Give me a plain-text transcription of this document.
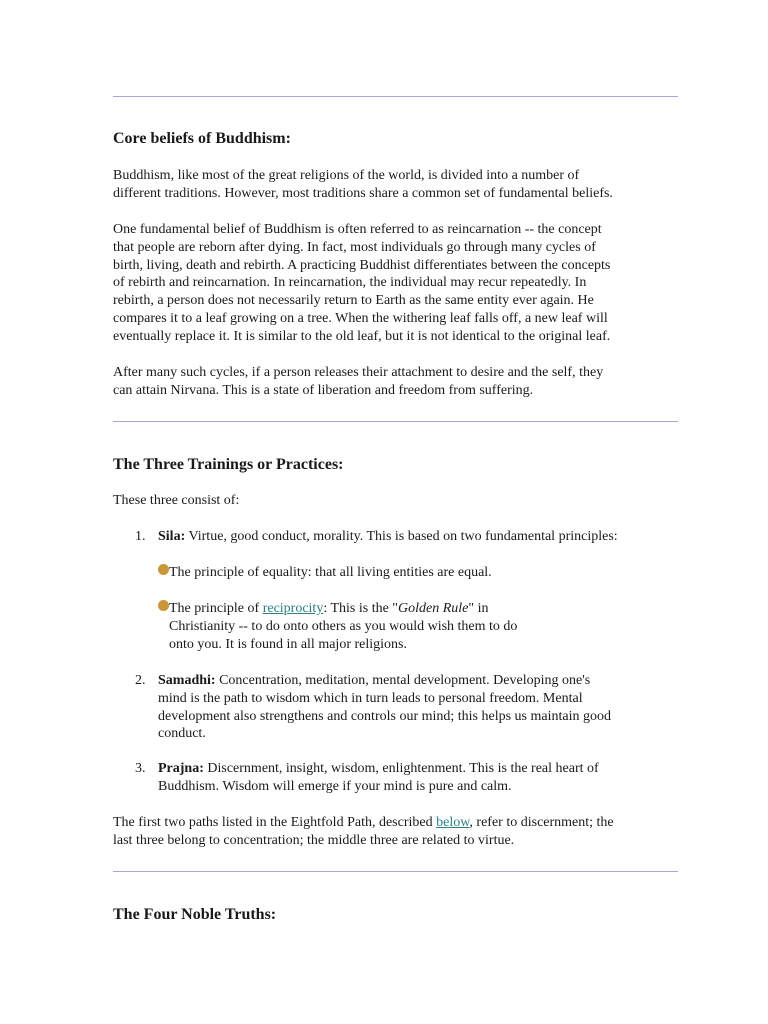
Core beliefs of Buddhism:
Buddhism, like most of the great religions of the world, is divided into a number of
different traditions. However, most traditions share a common set of fundamental beliefs.
One fundamental belief of Buddhism is often referred to as reincarnation -- the concept
that people are reborn after dying. In fact, most individuals go through many cycles of
birth, living, death and rebirth. A practicing Buddhist differentiates between the concepts
of rebirth and reincarnation. In reincarnation, the individual may recur repeatedly. In
rebirth, a person does not necessarily return to Earth as the same entity ever again. He
compares it to a leaf growing on a tree. When the withering leaf falls off, a new leaf will
eventually replace it. It is similar to the old leaf, but it is not identical to the original leaf.
After many such cycles, if a person releases their attachment to desire and the self, they
can attain Nirvana. This is a state of liberation and freedom from suffering.
The Three Trainings or Practices:
These three consist of:
1. Sila: Virtue, good conduct, morality. This is based on two fundamental principles:
The principle of equality: that all living entities are equal.
The principle of reciprocity: This is the "Golden Rule" in
Christianity -- to do onto others as you would wish them to do
onto you. It is found in all major religions.
2. Samadhi: Concentration, meditation, mental development. Developing one's
mind is the path to wisdom which in turn leads to personal freedom. Mental
development also strengthens and controls our mind; this helps us maintain good
conduct.
3. Prajna: Discernment, insight, wisdom, enlightenment. This is the real heart of
Buddhism. Wisdom will emerge if your mind is pure and calm.
The first two paths listed in the Eightfold Path, described below, refer to discernment; the
last three belong to concentration; the middle three are related to virtue.
The Four Noble Truths:
